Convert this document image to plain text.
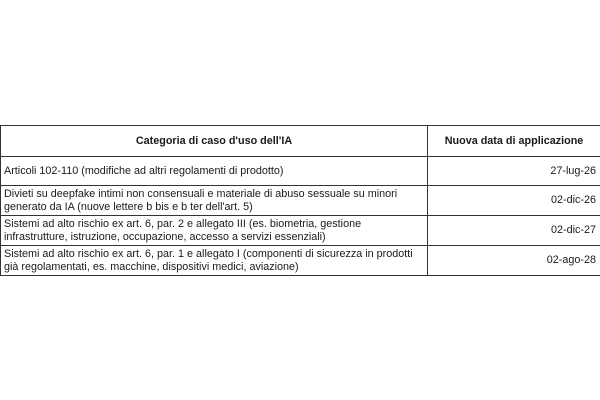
Categoria di caso d'uso dell'IA	Nuova data di applicazione

Articoli 102-110 (modifiche ad altri regolamenti di prodotto)	27-lug-26

Divieti su deepfake intimi non consensuali e materiale di abuso sessuale su minori generato da IA (nuove lettere b bis e b ter dell'art. 5)	02-dic-26

Sistemi ad alto rischio ex art. 6, par. 2 e allegato III (es. biometria, gestione infrastrutture, istruzione, occupazione, accesso a servizi essenziali)	02-dic-27

Sistemi ad alto rischio ex art. 6, par. 1 e allegato I (componenti di sicurezza in prodotti già regolamentati, es. macchine, dispositivi medici, aviazione)	02-ago-28
